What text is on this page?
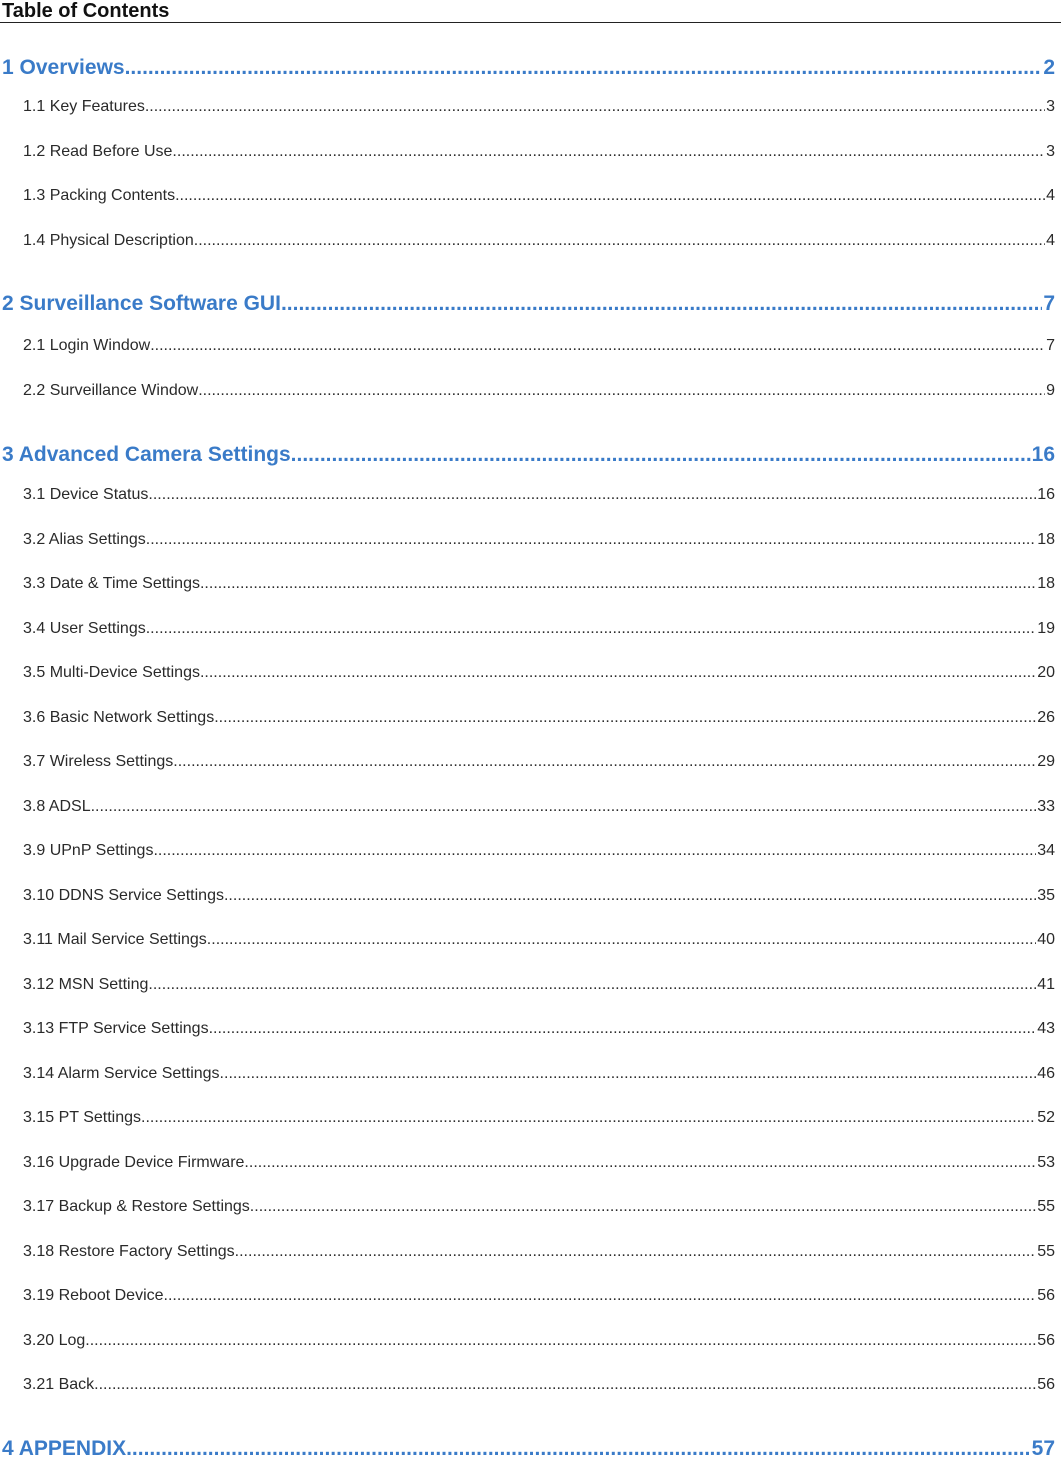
Table of Contents
1 Overviews .....	2
1.1 Key Features .....	3
1.2 Read Before Use .....	3
1.3 Packing Contents .....	4
1.4 Physical Description .....	4
2 Surveillance Software GUI .....	7
2.1 Login Window .....	7
2.2 Surveillance Window .....	9
3 Advanced Camera Settings .....	16
3.1 Device Status .....	16
3.2 Alias Settings .....	18
3.3 Date & Time Settings .....	18
3.4 User Settings .....	19
3.5 Multi-Device Settings .....	20
3.6 Basic Network Settings .....	26
3.7 Wireless Settings .....	29
3.8 ADSL .....	33
3.9 UPnP Settings .....	34
3.10 DDNS Service Settings .....	35
3.11 Mail Service Settings .....	40
3.12 MSN Setting .....	41
3.13 FTP Service Settings .....	43
3.14 Alarm Service Settings .....	46
3.15 PT Settings .....	52
3.16 Upgrade Device Firmware .....	53
3.17 Backup & Restore Settings .....	55
3.18 Restore Factory Settings .....	55
3.19 Reboot Device .....	56
3.20 Log .....	56
3.21 Back .....	56
4 APPENDIX .....	57
